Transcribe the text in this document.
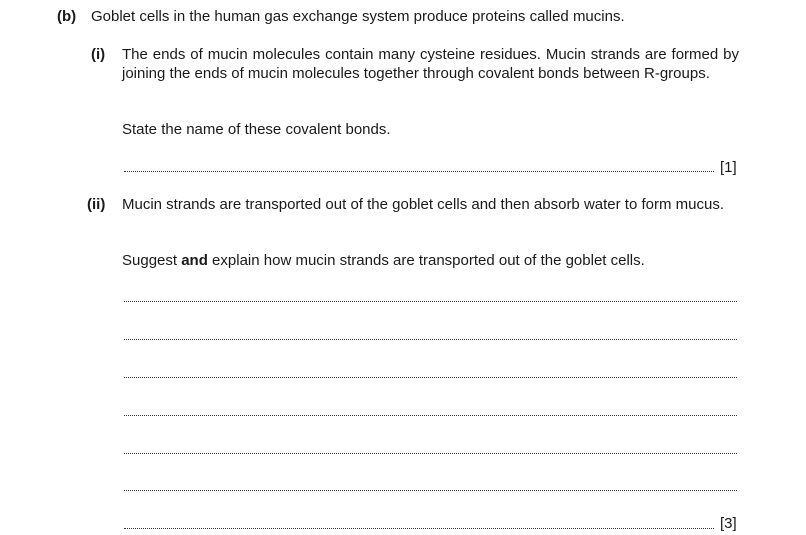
(b) Goblet cells in the human gas exchange system produce proteins called mucins.
(i) The ends of mucin molecules contain many cysteine residues. Mucin strands are formed by joining the ends of mucin molecules together through covalent bonds between R-groups.
State the name of these covalent bonds.
[1]
(ii) Mucin strands are transported out of the goblet cells and then absorb water to form mucus.
Suggest and explain how mucin strands are transported out of the goblet cells.
[3]
